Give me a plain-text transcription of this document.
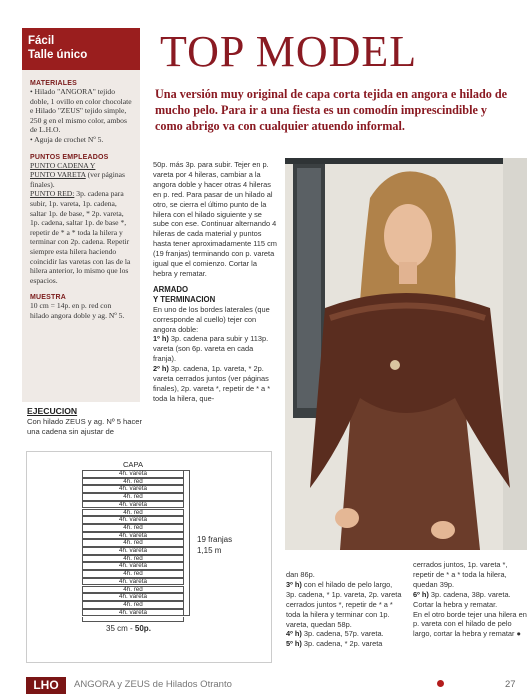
Fácil
Talle único
MATERIALES
• Hilado "ANGORA" tejido doble, 1 ovillo en color chocolate e Hilado "ZEUS" tejido simple, 250 g en el mismo color, ambos de L.H.O.
• Aguja de crochet Nº 5.
PUNTOS EMPLEADOS
PUNTO CADENA Y
PUNTO VARETA (ver páginas finales).
PUNTO RED: 3p. cadena para subir, 1p. vareta, 1p. cadena, saltar 1p. de base, * 2p. vareta, 1p. cadena, saltar 1p. de base *, repetir de * a * toda la hilera y terminar con 2p. cadena. Repetir siempre esta hilera haciendo coincidir las varetas con las de la hilera anterior, lo mismo que los espacios.
MUESTRA
10 cm = 14p. en p. red con hilado angora doble y ag. Nº 5.
TOP MODEL
Una versión muy original de capa corta tejida en angora e hilado de mucho pelo. Para ir a una fiesta es un comodín imprescindible y como abrigo va con cualquier atuendo informal.
EJECUCION
Con hilado ZEUS y ag. Nº 5 hacer una cadena sin ajustar de
50p. más 3p. para subir. Tejer en p. vareta por 4 hileras, cambiar a la angora doble y hacer otras 4 hileras en p. red. Para pasar de un hilado al otro, se cierra el último punto de la hilera con el hilado siguiente y se sube con ese. Continuar alternando 4 hileras de cada material y puntos hasta tener aproximadamente 115 cm (19 franjas) terminando con p. vareta igual que el comienzo. Cortar la hebra y rematar.
ARMADO
Y TERMINACION
En uno de los bordes laterales (que corresponde al cuello) tejer con angora doble:
1º h) 3p. cadena para subir y 113p. vareta (son 6p. vareta en cada franja).
2º h) 3p. cadena, 1p. vareta, * 2p. vareta cerrados juntos (ver páginas finales), 2p. vareta *, repetir de * a * toda la hilera, que-
dan 86p.
3º h) con el hilado de pelo largo, 3p. cadena, * 1p. vareta, 2p. vareta cerrados juntos *, repetir de * a * toda la hilera y terminar con 1p. vareta, quedan 58p.
4º h) 3p. cadena, 57p. vareta.
5º h) 3p. cadena, * 2p. vareta
cerrados juntos, 1p. vareta *, repetir de * a * toda la hilera, quedan 39p.
6º h) 3p. cadena, 38p. vareta. Cortar la hebra y rematar.
En el otro borde tejer una hilera en p. vareta con el hilado de pelo largo, cortar la hebra y rematar ●
CAPA
4h. vareta
4h. red
4h. vareta
4h. red
4h. vareta
4h. red
4h. vareta
4h. red
4h. vareta
4h. red
4h. vareta
4h. red
4h. vareta
4h. red
4h. vareta
4h. red
4h. vareta
4h. red
4h. vareta
19 franjas
1,15 m
35 cm - 50p.
LHO	ANGORA y ZEUS de Hilados Otranto	27
